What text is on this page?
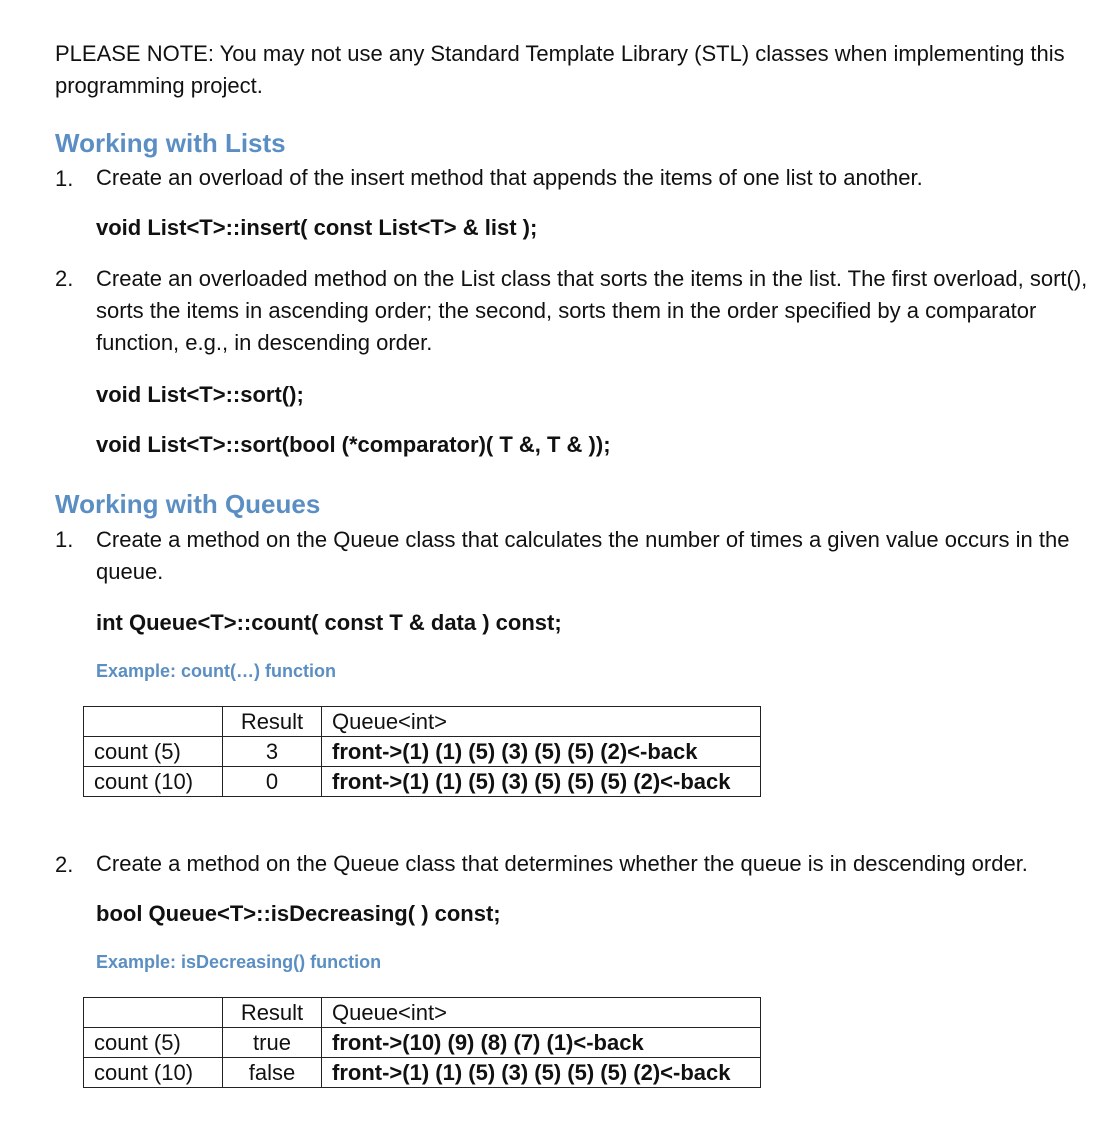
PLEASE NOTE: You may not use any Standard Template Library (STL) classes when implementing this programming project.
Working with Lists
1. Create an overload of the insert method that appends the items of one list to another.
void List<T>::insert( const List<T> & list );
2. Create an overloaded method on the List class that sorts the items in the list. The first overload, sort(), sorts the items in ascending order; the second, sorts them in the order specified by a comparator function, e.g., in descending order.
void List<T>::sort();
void List<T>::sort(bool (*comparator)( T &, T & ));
Working with Queues
1. Create a method on the Queue class that calculates the number of times a given value occurs in the queue.
int Queue<T>::count( const T & data ) const;
Example: count(…) function
	Result	Queue<int>
count (5)	3	front->(1) (1) (5) (3) (5) (5) (2)<-back
count (10)	0	front->(1) (1) (5) (3) (5) (5) (5) (2)<-back
2. Create a method on the Queue class that determines whether the queue is in descending order.
bool Queue<T>::isDecreasing( ) const;
Example: isDecreasing() function
	Result	Queue<int>
count (5)	true	front->(10) (9) (8) (7) (1)<-back
count (10)	false	front->(1) (1) (5) (3) (5) (5) (5) (2)<-back
